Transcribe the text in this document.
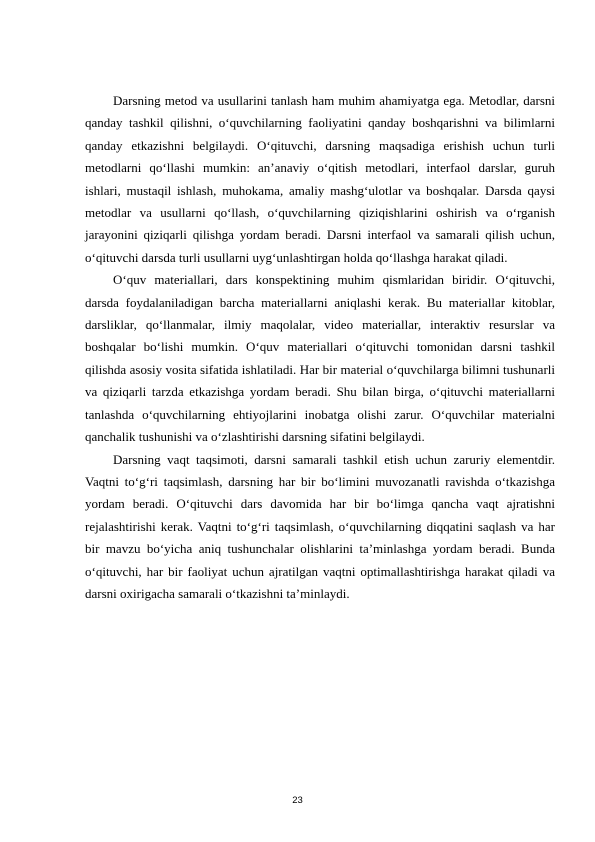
Darsning metod va usullarini tanlash ham muhim ahamiyatga ega. Metodlar, darsni qanday tashkil qilishni, o‘quvchilarning faoliyatini qanday boshqarishni va bilimlarni qanday etkazishni belgilaydi. O‘qituvchi, darsning maqsadiga erishish uchun turli metodlarni qo‘llashi mumkin: an’anaviy o‘qitish metodlari, interfaol darslar, guruh ishlari, mustaqil ishlash, muhokama, amaliy mashg‘ulotlar va boshqalar. Darsda qaysi metodlar va usullarni qo‘llash, o‘quvchilarning qiziqishlarini oshirish va o‘rganish jarayonini qiziqarli qilishga yordam beradi. Darsni interfaol va samarali qilish uchun, o‘qituvchi darsda turli usullarni uyg‘unlashtirgan holda qo‘llashga harakat qiladi.

O‘quv materiallari, dars konspektining muhim qismlaridan biridir. O‘qituvchi, darsda foydalaniladigan barcha materiallarni aniqlashi kerak. Bu materiallar kitoblar, darsliklar, qo‘llanmalar, ilmiy maqolalar, video materiallar, interaktiv resurslar va boshqalar bo‘lishi mumkin. O‘quv materiallari o‘qituvchi tomonidan darsni tashkil qilishda asosiy vosita sifatida ishlatiladi. Har bir material o‘quvchilarga bilimni tushunarli va qiziqarli tarzda etkazishga yordam beradi. Shu bilan birga, o‘qituvchi materiallarni tanlashda o‘quvchilarning ehtiyojlarini inobatga olishi zarur. O‘quvchilar materialni qanchalik tushunishi va o‘zlashtirishi darsning sifatini belgilaydi.

Darsning vaqt taqsimoti, darsni samarali tashkil etish uchun zaruriy elementdir. Vaqtni to‘g‘ri taqsimlash, darsning har bir bo‘limini muvozanatli ravishda o‘tkazishga yordam beradi. O‘qituvchi dars davomida har bir bo‘limga qancha vaqt ajratishni rejalashtirishi kerak. Vaqtni to‘g‘ri taqsimlash, o‘quvchilarning diqqatini saqlash va har bir mavzu bo‘yicha aniq tushunchalar olishlarini ta’minlashga yordam beradi. Bunda o‘qituvchi, har bir faoliyat uchun ajratilgan vaqtni optimallashtirishga harakat qiladi va darsni oxirigacha samarali o‘tkazishni ta’minlaydi.

23
